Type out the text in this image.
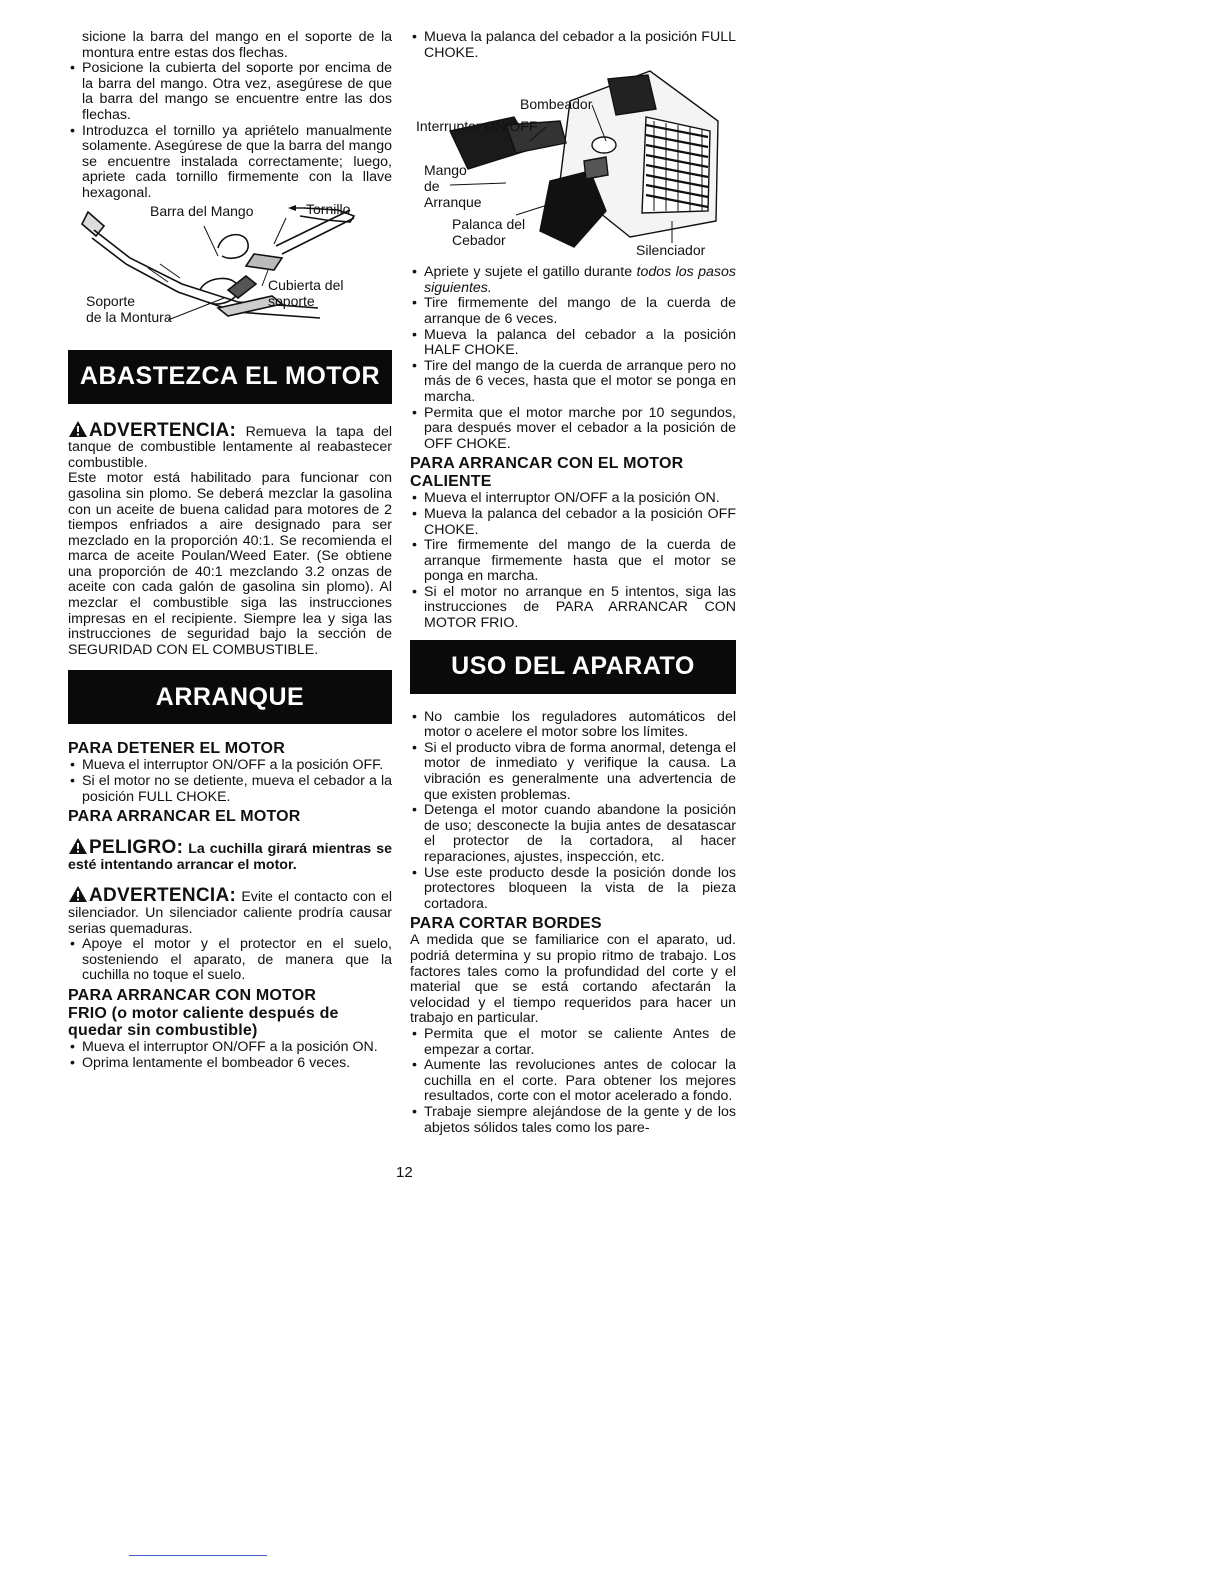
sicione la barra del mango en el soporte de la montura entre estas dos flechas.

• Posicione la cubierta del soporte por encima de la barra del mango. Otra vez, asegúrese de que la barra del mango se encuentre entre las dos flechas.
• Introduzca el tornillo ya apriételo manualmente solamente. Asegúrese de que la barra del mango se encuentre instalada correctamente; luego, apriete cada tornillo firmemente con la llave hexagonal.
Barra del Mango	Tornillo
Cubierta del
soporte
Soporte
de la Montura
ABASTEZCA EL MOTOR

ADVERTENCIA: Remueva la tapa del tanque de combustible lentamente al reabastecer combustible.

Este motor está habilitado para funcionar con gasolina sin plomo. Se deberá mezclar la gasolina con un aceite de buena calidad para motores de 2 tiempos enfriados a aire designado para ser mezclado en la proporción 40:1. Se recomienda el marca de aceite Poulan/Weed Eater. (Se obtiene una proporción de 40:1 mezclando 3.2 onzas de aceite con cada galón de gasolina sin plomo). Al mezclar el combustible siga las instrucciones impresas en el recipiente. Siempre lea y siga las instrucciones de seguridad bajo la sección de SEGURIDAD CON EL COMBUSTIBLE.

ARRANQUE
PARA DETENER EL MOTOR
• Mueva el interruptor ON/OFF a la posición OFF.
• Si el motor no se detiente, mueva el cebador a la posición FULL CHOKE.
PARA ARRANCAR EL MOTOR

PELIGRO: La cuchilla girará mientras se esté intentando arrancar el motor.

ADVERTENCIA: Evite el contacto con el silenciador. Un silenciador caliente prodría causar serias quemaduras.

• Apoye el motor y el protector en el suelo, sosteniendo el aparato, de manera que la cuchilla no toque el suelo.
PARA ARRANCAR CON MOTOR
FRIO (o motor caliente después de quedar sin combustible)
• Mueva el interruptor ON/OFF a la posición ON.
• Oprima lentamente el bombeador 6 veces.
• Mueva la palanca del cebador a la posición FULL CHOKE.
Bombeador
Interruptor ON/OFF
Mango
de
Arranque
Palanca del
Cebador
Silenciador
• Apriete y sujete el gatillo durante todos los pasos siguientes.
• Tire firmemente del mango de la cuerda de arranque de 6 veces.
• Mueva la palanca del cebador a la posición HALF CHOKE.
• Tire del mango de la cuerda de arranque pero no más de 6 veces, hasta que el motor se ponga en marcha.
• Permita que el motor marche por 10 segundos, para después mover el cebador a la posición de OFF CHOKE.
PARA ARRANCAR CON EL MOTOR
CALIENTE
• Mueva el interruptor ON/OFF a la posición ON.
• Mueva la palanca del cebador a la posición OFF CHOKE.
• Tire firmemente del mango de la cuerda de arranque firmemente hasta que el motor se ponga en marcha.
• Si el motor no arranque en 5 intentos, siga las instrucciones de PARA ARRANCAR CON MOTOR FRIO.
USO DEL APARATO
• No cambie los reguladores automáticos del motor o acelere el motor sobre los límites.
• Si el producto vibra de forma anormal, detenga el motor de inmediato y verifique la causa. La vibración es generalmente una advertencia de que existen problemas.
• Detenga el motor cuando abandone la posición de uso; desconecte la bujia antes de desatascar el protector de la cortadora, al hacer reparaciones, ajustes, inspección, etc.
• Use este producto desde la posición donde los protectores bloqueen la vista de la pieza cortadora.
PARA CORTAR BORDES

A medida que se familiarice con el aparato, ud. podriá determina y su propio ritmo de trabajo. Los factores tales como la profundidad del corte y el material que se está cortando afectarán la velocidad y el tiempo requeridos para hacer un trabajo en particular.

• Permita que el motor se caliente Antes de empezar a cortar.
• Aumente las revoluciones antes de colocar la cuchilla en el corte. Para obtener los mejores resultados, corte con el motor acelerado a fondo.
• Trabaje siempre alejándose de la gente y de los abjetos sólidos tales como los pare-
12
